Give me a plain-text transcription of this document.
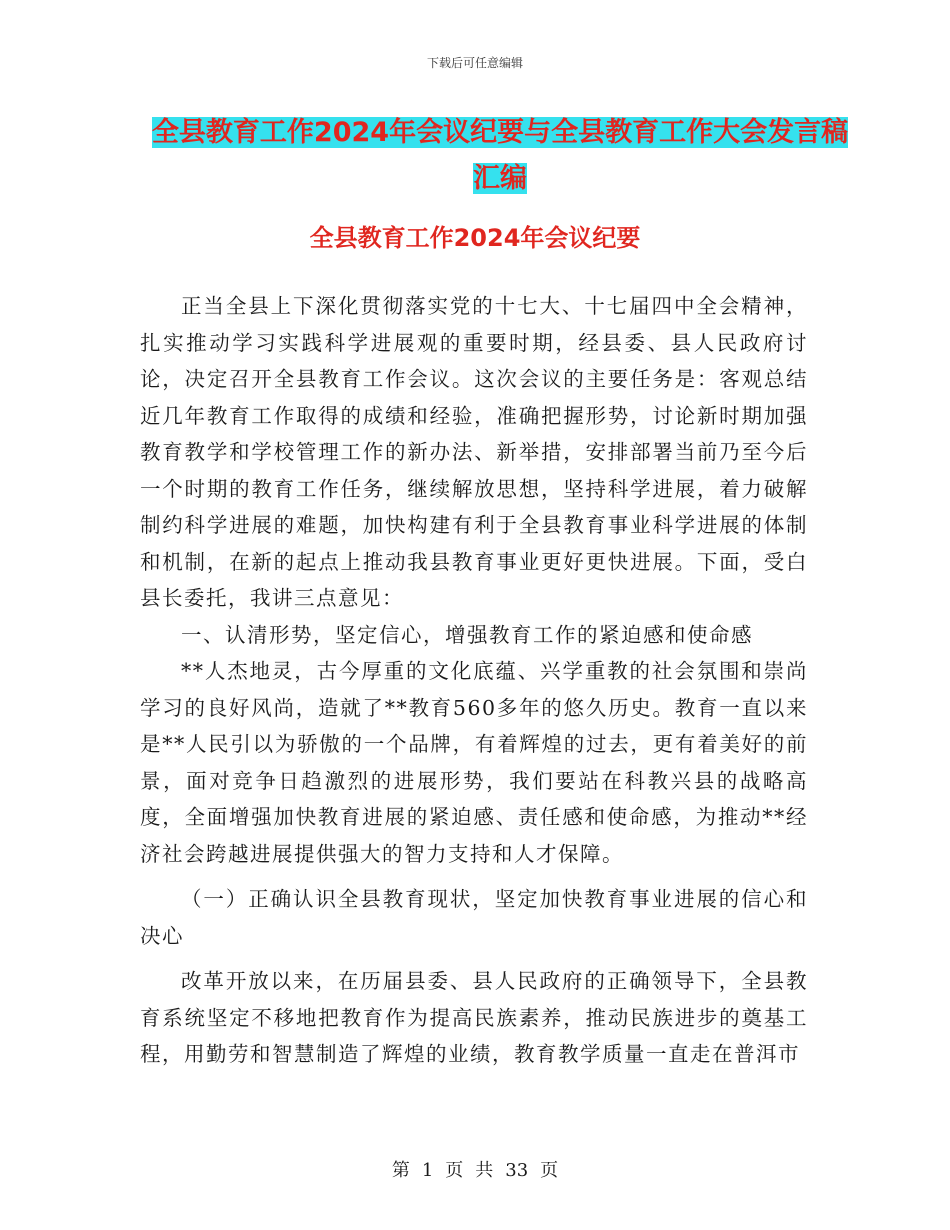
下载后可任意编辑
全县教育工作2024年会议纪要与全县教育工作大会发言稿汇编
全县教育工作2024年会议纪要

正当全县上下深化贯彻落实党的十七大、十七届四中全会精神，扎实推动学习实践科学进展观的重要时期，经县委、县人民政府讨论，决定召开全县教育工作会议。这次会议的主要任务是：客观总结近几年教育工作取得的成绩和经验，准确把握形势，讨论新时期加强教育教学和学校管理工作的新办法、新举措，安排部署当前乃至今后一个时期的教育工作任务，继续解放思想，坚持科学进展，着力破解制约科学进展的难题，加快构建有利于全县教育事业科学进展的体制和机制，在新的起点上推动我县教育事业更好更快进展。下面，受白县长委托，我讲三点意见：

一、认清形势，坚定信心，增强教育工作的紧迫感和使命感

**人杰地灵，古今厚重的文化底蕴、兴学重教的社会氛围和崇尚学习的良好风尚，造就了**教育560多年的悠久历史。教育一直以来是**人民引以为骄傲的一个品牌，有着辉煌的过去，更有着美好的前景，面对竞争日趋激烈的进展形势，我们要站在科教兴县的战略高度，全面增强加快教育进展的紧迫感、责任感和使命感，为推动**经济社会跨越进展提供强大的智力支持和人才保障。

（一）正确认识全县教育现状，坚定加快教育事业进展的信心和决心

改革开放以来，在历届县委、县人民政府的正确领导下，全县教育系统坚定不移地把教育作为提高民族素养，推动民族进步的奠基工程，用勤劳和智慧制造了辉煌的业绩，教育教学质量一直走在普洱市

第 1 页 共 33 页
